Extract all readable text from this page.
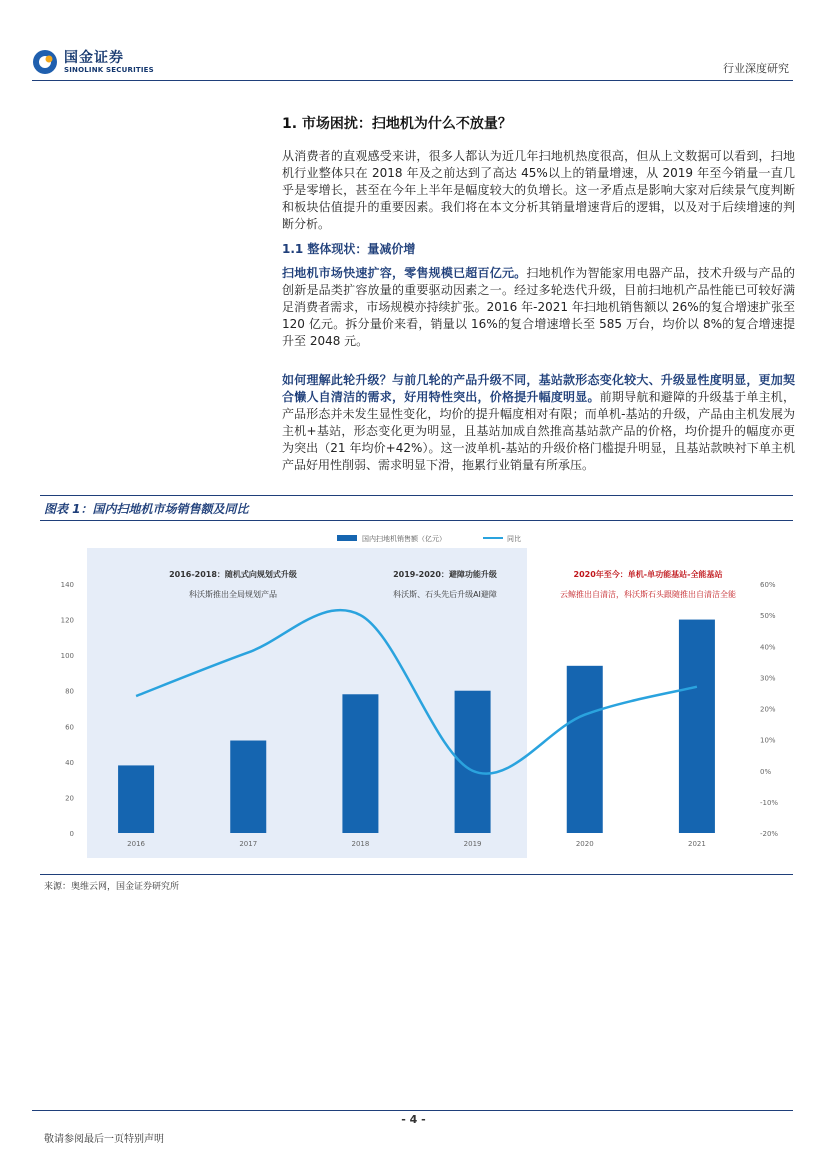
国金证券
SINOLINK SECURITIES	行业深度研究
1. 市场困扰：扫地机为什么不放量？
从消费者的直观感受来讲，很多人都认为近几年扫地机热度很高，但从上文数据可以看到，扫地机行业整体只在 2018 年及之前达到了高达 45%以上的销量增速，从 2019 年至今销量一直几乎是零增长，甚至在今年上半年是幅度较大的负增长。这一矛盾点是影响大家对后续景气度判断和板块估值提升的重要因素。我们将在本文分析其销量增速背后的逻辑，以及对于后续增速的判断分析。
1.1 整体现状：量减价增
扫地机市场快速扩容，零售规模已超百亿元。扫地机作为智能家用电器产品，技术升级与产品的创新是品类扩容放量的重要驱动因素之一。经过多轮迭代升级，目前扫地机产品性能已可较好满足消费者需求，市场规模亦持续扩张。2016 年-2021 年扫地机销售额以 26%的复合增速扩张至 120 亿元。拆分量价来看，销量以 16%的复合增速增长至 585 万台，均价以 8%的复合增速提升至 2048 元。
如何理解此轮升级？与前几轮的产品升级不同，基站款形态变化较大、升级显性度明显，更加契合懒人自清洁的需求，好用特性突出，价格提升幅度明显。前期导航和避障的升级基于单主机，产品形态并未发生显性变化，均价的提升幅度相对有限；而单机-基站的升级，产品由主机发展为主机+基站，形态变化更为明显，且基站加成自然推高基站款产品的价格，均价提升的幅度亦更为突出（21 年均价+42%）。这一波单机-基站的升级价格门槛提升明显，且基站款映衬下单主机产品好用性削弱、需求明显下滑，拖累行业销量有所承压。
图表 1：国内扫地机市场销售额及同比
国内扫地机销售额（亿元）	同比
0
20
40
60
80
100
120
140
-20%
-10%
0%
10%
20%
30%
40%
50%
60%
2016	2017	2018	2019	2020	2021
2016-2018：随机式向规划式升级
科沃斯推出全局规划产品
2019-2020：避障功能升级
科沃斯、石头先后升级AI避障
2020年至今：单机-单功能基站-全能基站
云鲸推出自清洁，科沃斯石头跟随推出自清洁全能
来源：奥维云网，国金证券研究所
- 4 -
敬请参阅最后一页特别声明
